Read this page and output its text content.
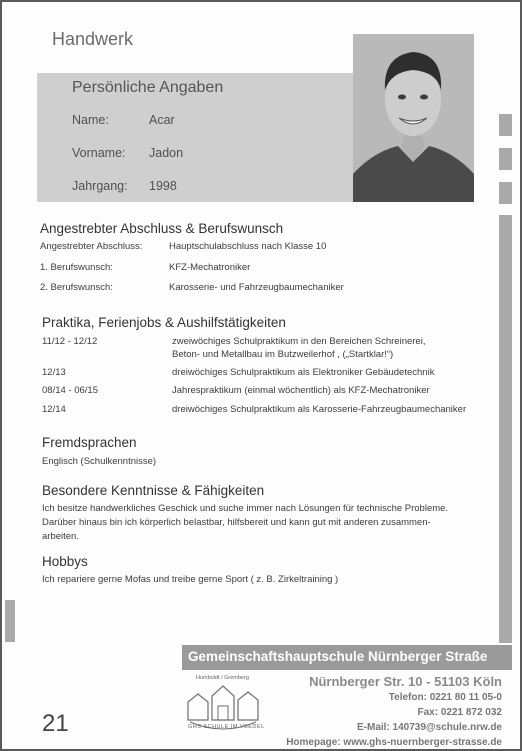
Handwerk
Persönliche Angaben
Name:	Acar
Vorname: Jadon
Jahrgang: 1998
Angestrebter Abschluss & Berufswunsch
Angestrebter Abschluss:	Hauptschulabschluss nach Klasse 10
1. Berufswunsch:	KFZ-Mechatroniker
2. Berufswunsch:	Karosserie- und Fahrzeugbaumechaniker
Praktika, Ferienjobs & Aushilfstätigkeiten
11/12 - 12/12	zweiwöchiges Schulpraktikum in den Bereichen Schreinerei,
Beton- und Metallbau im Butzweilerhof , („Startklar!“)
12/13	dreiwöchiges Schulpraktikum als Elektroniker Gebäudetechnik
08/14 - 06/15	Jahrespraktikum (einmal wöchentlich) als KFZ-Mechatroniker
12/14	dreiwöchiges Schulpraktikum als Karosserie-Fahrzeugbaumechaniker
Fremdsprachen
Englisch (Schulkenntnisse)
Besondere Kenntnisse & Fähigkeiten
Ich besitze handwerkliches Geschick und suche immer nach Lösungen für technische Probleme.
Darüber hinaus bin ich körperlich belastbar, hilfsbereit und kann gut mit anderen zusammen-
arbeiten.
Hobbys
Ich repariere gerne Mofas und treibe gerne Sport ( z. B. Zirkeltraining )
Gemeinschaftshauptschule Nürnberger Straße
Humboldt / Gremberg
GHS SCHULE IM VEEDEL
21
Nürnberger Str. 10 - 51103 Köln
Telefon: 0221 80 11 05-0
Fax: 0221 872 032
E-Mail: 140739@schule.nrw.de
Homepage: www.ghs-nuernberger-strasse.de
